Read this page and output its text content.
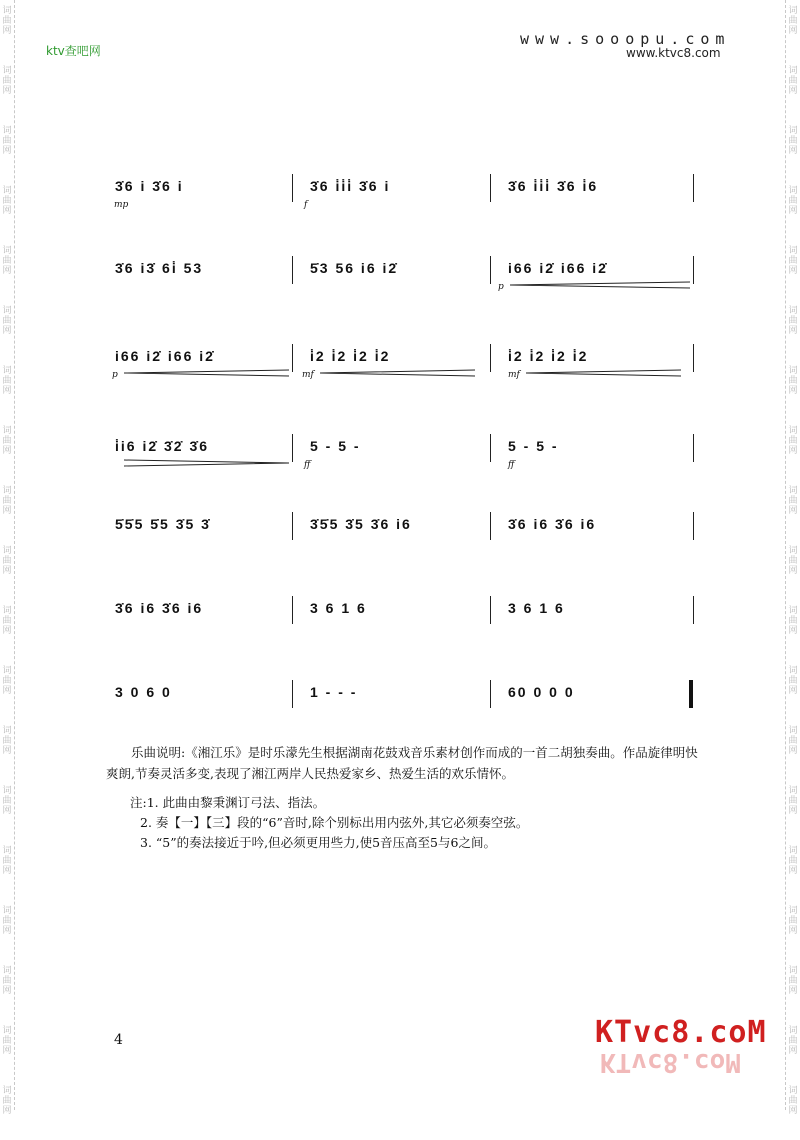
词
曲
网
词
曲
网
词
曲
网
词
曲
网
词
曲
网
词
曲
网
词
曲
网
词
曲
网
词
曲
网
词
曲
网
词
曲
网
词
曲
网
词
曲
网
词
曲
网
词
曲
网
词
曲
网
词
曲
网
词
曲
网
词
曲
网
词
曲
网
词
曲
网
词
曲
网
词
曲
网
词
曲
网
词
曲
网
词
曲
网
词
曲
网
词
曲
网
词
曲
网
词
曲
网
词
曲
网
词
曲
网
词
曲
网
词
曲
网
词
曲
网
词
曲
网
词
曲
网
词
曲
网
ktv查吧网
www.sooopu.com
www.ktvc8.com
3̇6 i 3̇6 i	3̇6 i̇i̇i̇ 3̇6 i	3̇6 i̇i̇i̇ 3̇6 i̇6
mp	f
3̇6 i3̇ 6i̇ 53	5̇3 56 i6 i2̇	i66 i2̇ i66 i2̇
p
i66 i2̇ i66 i2̇	i̇2 i̇2 i̇2 i̇2	i̇2 i̇2 i̇2 i̇2
p	mf	mf
i̇i6 i2̇ 3̇2̇ 3̇6	5 - 5 -	5 - 5 -
ff	ff
5̇5̇5 5̇5 3̇5 3̇	3̇5̇5 3̇5 3̇6 i6	3̇6 i6 3̇6 i6
3̇6 i6 3̇6 i6	3 6 1 6	3 6 1 6
3 0 6 0	1 - - -	60 0 0 0
乐曲说明:《湘江乐》是时乐濛先生根据湖南花鼓戏音乐素材创作而成的一首二胡独奏曲。作品旋律明快爽朗,节奏灵活多变,表现了湘江两岸人民热爱家乡、热爱生活的欢乐情怀。
注:1. 此曲由黎秉渊订弓法、指法。
2. 奏【一】【三】段的“6”音时,除个别标出用内弦外,其它必须奏空弦。
3. “5”的奏法接近于吟,但必须更用些力,使5音压高至5与6之间。
4	KTvc8.coM
KTvc8.coM
